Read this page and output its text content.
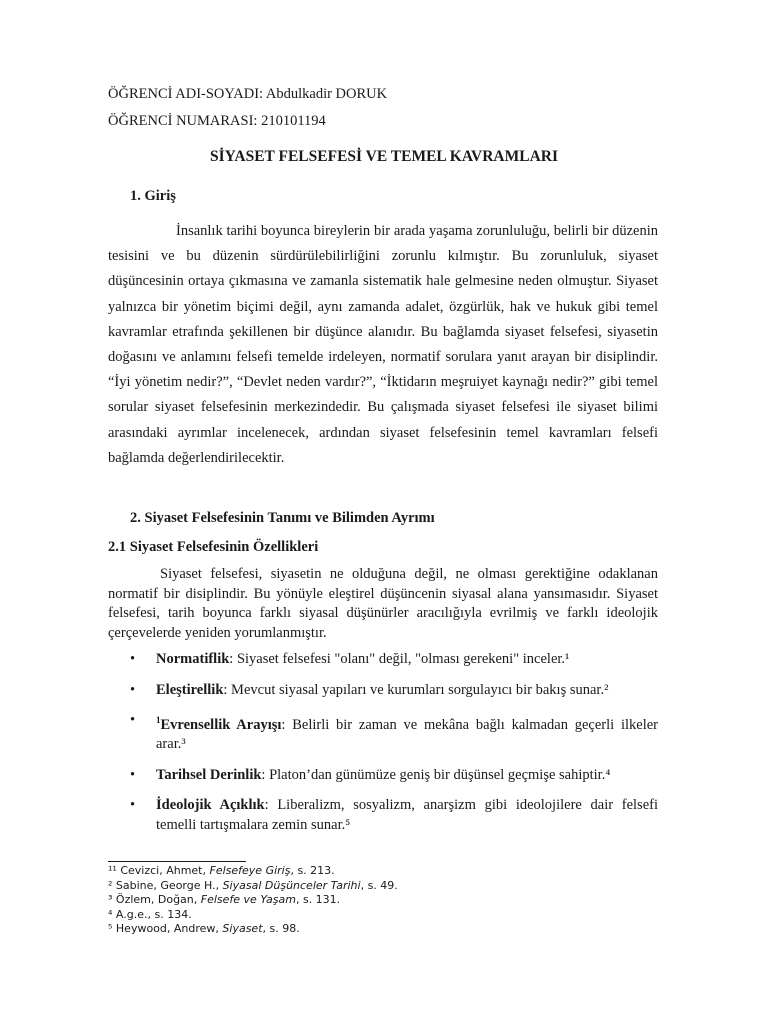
ÖĞRENCİ ADI-SOYADI: Abdulkadir DORUK
ÖĞRENCİ NUMARASI: 210101194
SİYASET FELSEFESİ VE TEMEL KAVRAMLARI
1. Giriş
İnsanlık tarihi boyunca bireylerin bir arada yaşama zorunluluğu, belirli bir düzenin tesisini ve bu düzenin sürdürülebilirliğini zorunlu kılmıştır. Bu zorunluluk, siyaset düşüncesinin ortaya çıkmasına ve zamanla sistematik hale gelmesine neden olmuştur. Siyaset yalnızca bir yönetim biçimi değil, aynı zamanda adalet, özgürlük, hak ve hukuk gibi temel kavramlar etrafında şekillenen bir düşünce alanıdır. Bu bağlamda siyaset felsefesi, siyasetin doğasını ve anlamını felsefi temelde irdeleyen, normatif sorulara yanıt arayan bir disiplindir. “İyi yönetim nedir?”, “Devlet neden vardır?”, “İktidarın meşruiyet kaynağı nedir?” gibi temel sorular siyaset felsefesinin merkezindedir. Bu çalışmada siyaset felsefesi ile siyaset bilimi arasındaki ayrımlar incelenecek, ardından siyaset felsefesinin temel kavramları felsefi bağlamda değerlendirilecektir.
2. Siyaset Felsefesinin Tanımı ve Bilimden Ayrımı
2.1 Siyaset Felsefesinin Özellikleri
Siyaset felsefesi, siyasetin ne olduğuna değil, ne olması gerektiğine odaklanan normatif bir disiplindir. Bu yönüyle eleştirel düşüncenin siyasal alana yansımasıdır. Siyaset felsefesi, tarih boyunca farklı siyasal düşünürler aracılığıyla evrilmiş ve farklı ideolojik çerçevelerde yeniden yorumlanmıştır.
• Normatiflik: Siyaset felsefesi "olanı" değil, "olması gerekeni" inceler.¹
• Eleştirellik: Mevcut siyasal yapıları ve kurumları sorgulayıcı bir bakış sunar.²
• $^1$Evrensellik Arayışı: Belirli bir zaman ve mekâna bağlı kalmadan geçerli ilkeler arar.³
• Tarihsel Derinlik: Platon’dan günümüze geniş bir düşünsel geçmişe sahiptir.⁴
• İdeolojik Açıklık: Liberalizm, sosyalizm, anarşizm gibi ideolojilere dair felsefi temelli tartışmalara zemin sunar.⁵
¹¹ Cevizci, Ahmet, Felsefeye Giriş, s. 213.
² Sabine, George H., Siyasal Düşünceler Tarihi, s. 49.
³ Özlem, Doğan, Felsefe ve Yaşam, s. 131.
⁴ A.g.e., s. 134.
⁵ Heywood, Andrew, Siyaset, s. 98.
